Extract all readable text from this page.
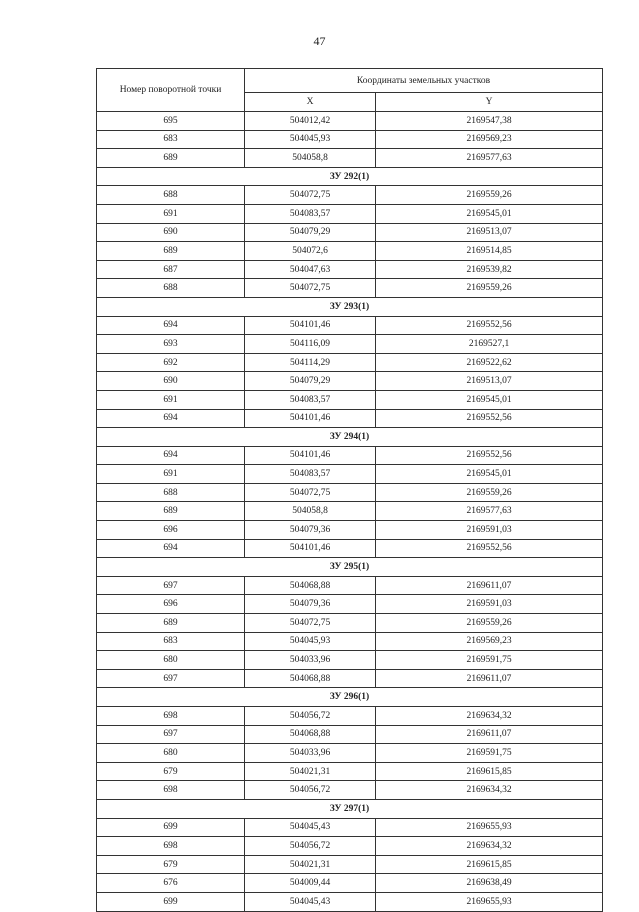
47
Номер поворотной точки	Координаты земельных участков	
	X	Y
695	504012,42	2169547,38
683	504045,93	2169569,23
689	504058,8	2169577,63
ЗУ 292(1)		
688	504072,75	2169559,26
691	504083,57	2169545,01
690	504079,29	2169513,07
689	504072,6	2169514,85
687	504047,63	2169539,82
688	504072,75	2169559,26
ЗУ 293(1)		
694	504101,46	2169552,56
693	504116,09	2169527,1
692	504114,29	2169522,62
690	504079,29	2169513,07
691	504083,57	2169545,01
694	504101,46	2169552,56
ЗУ 294(1)		
694	504101,46	2169552,56
691	504083,57	2169545,01
688	504072,75	2169559,26
689	504058,8	2169577,63
696	504079,36	2169591,03
694	504101,46	2169552,56
ЗУ 295(1)		
697	504068,88	2169611,07
696	504079,36	2169591,03
689	504072,75	2169559,26
683	504045,93	2169569,23
680	504033,96	2169591,75
697	504068,88	2169611,07
ЗУ 296(1)		
698	504056,72	2169634,32
697	504068,88	2169611,07
680	504033,96	2169591,75
679	504021,31	2169615,85
698	504056,72	2169634,32
ЗУ 297(1)		
699	504045,43	2169655,93
698	504056,72	2169634,32
679	504021,31	2169615,85
676	504009,44	2169638,49
699	504045,43	2169655,93
